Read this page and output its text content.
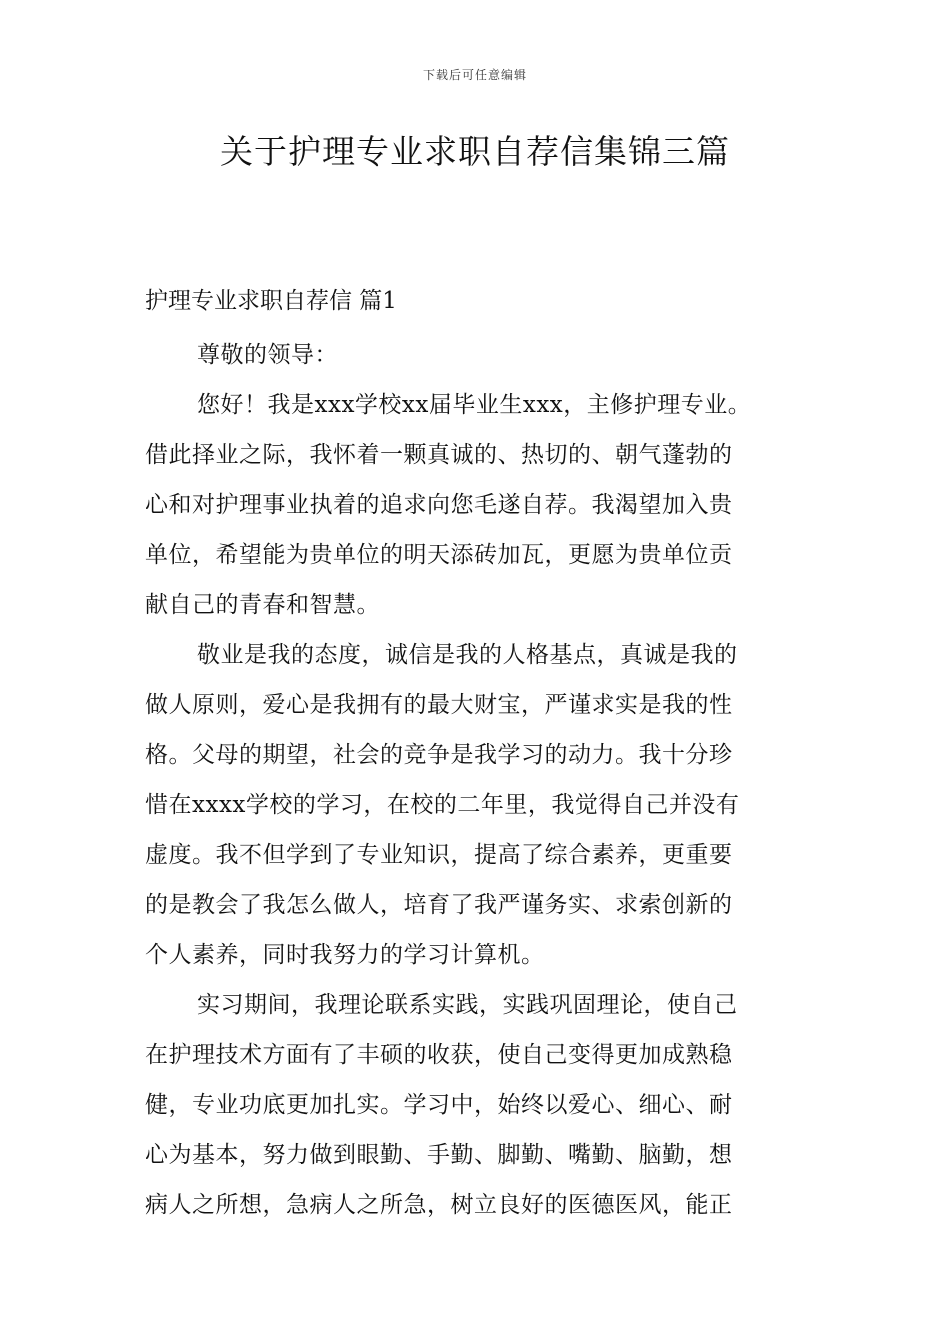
下载后可任意编辑
关于护理专业求职自荐信集锦三篇
护理专业求职自荐信 篇1
尊敬的领导：
您好！我是xxx学校xx届毕业生xxx，主修护理专业。
借此择业之际，我怀着一颗真诚的、热切的、朝气蓬勃的
心和对护理事业执着的追求向您毛遂自荐。我渴望加入贵
单位，希望能为贵单位的明天添砖加瓦，更愿为贵单位贡
献自己的青春和智慧。
敬业是我的态度，诚信是我的人格基点，真诚是我的
做人原则，爱心是我拥有的最大财宝，严谨求实是我的性
格。父母的期望，社会的竞争是我学习的动力。我十分珍
惜在xxxx学校的学习，在校的二年里，我觉得自己并没有
虚度。我不但学到了专业知识，提高了综合素养，更重要
的是教会了我怎么做人，培育了我严谨务实、求索创新的
个人素养，同时我努力的学习计算机。
实习期间，我理论联系实践，实践巩固理论，使自己
在护理技术方面有了丰硕的收获，使自己变得更加成熟稳
健，专业功底更加扎实。学习中，始终以爱心、细心、耐
心为基本，努力做到眼勤、手勤、脚勤、嘴勤、脑勤，想
病人之所想，急病人之所急，树立良好的医德医风，能正
